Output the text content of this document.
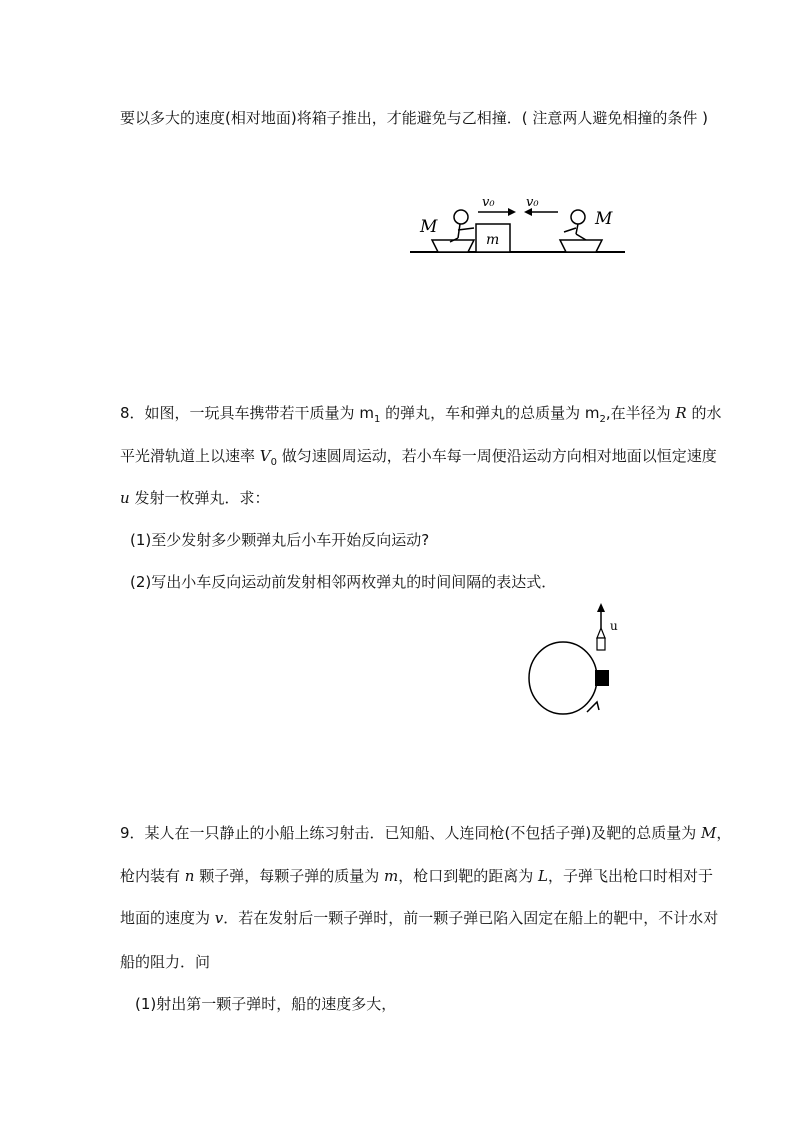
要以多大的速度(相对地面)将箱子推出，才能避免与乙相撞．( 注意两人避免相撞的条件 )
M
m
v₀ v₀
M
8．如图，一玩具车携带若干质量为 $m_1$ 的弹丸，车和弹丸的总质量为 $m_2$,在半径为 R 的水
平光滑轨道上以速率 $V_0$ 做匀速圆周运动，若小车每一周便沿运动方向相对地面以恒定速度
u 发射一枚弹丸．求：
(1)至少发射多少颗弹丸后小车开始反向运动?
(2)写出小车反向运动前发射相邻两枚弹丸的时间间隔的表达式．
u
9．某人在一只静止的小船上练习射击．已知船、人连同枪(不包括子弹)及靶的总质量为 M，
枪内装有 n 颗子弹，每颗子弹的质量为 m，枪口到靶的距离为 L，子弹飞出枪口时相对于
地面的速度为 v．若在发射后一颗子弹时，前一颗子弹已陷入固定在船上的靶中，不计水对
船的阻力．问
(1)射出第一颗子弹时，船的速度多大，
